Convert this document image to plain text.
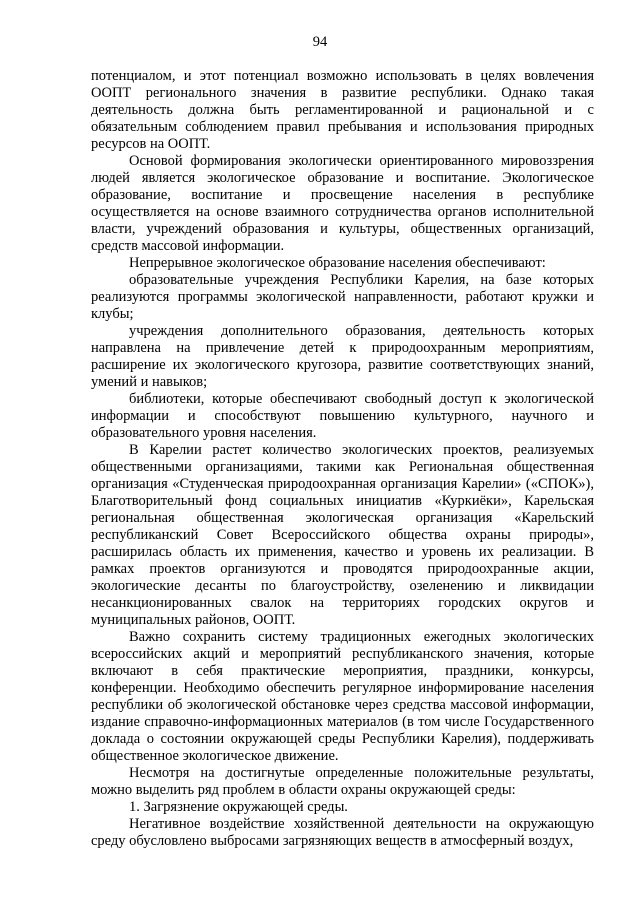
94

потенциалом, и этот потенциал возможно использовать в целях вовлечения ООПТ регионального значения в развитие республики. Однако такая деятельность должна быть регламентированной и рациональной и с обязательным соблюдением правил пребывания и использования природных ресурсов на ООПТ.

Основой формирования экологически ориентированного мировоззрения людей является экологическое образование и воспитание. Экологическое образование, воспитание и просвещение населения в республике осуществляется на основе взаимного сотрудничества органов исполнительной власти, учреждений образования и культуры, общественных организаций, средств массовой информации.

Непрерывное экологическое образование населения обеспечивают:

образовательные учреждения Республики Карелия, на базе которых реализуются программы экологической направленности, работают кружки и клубы;

учреждения дополнительного образования, деятельность которых направлена на привлечение детей к природоохранным мероприятиям, расширение их экологического кругозора, развитие соответствующих знаний, умений и навыков;

библиотеки, которые обеспечивают свободный доступ к экологической информации и способствуют повышению культурного, научного и образовательного уровня населения.

В Карелии растет количество экологических проектов, реализуемых общественными организациями, такими как Региональная общественная организация «Студенческая природоохранная организация Карелии» («СПОК»), Благотворительный фонд социальных инициатив «Куркиёки», Карельская региональная общественная экологическая организация «Карельский республиканский Совет Всероссийского общества охраны природы», расширилась область их применения, качество и уровень их реализации. В рамках проектов организуются и проводятся природоохранные акции, экологические десанты по благоустройству, озеленению и ликвидации несанкционированных свалок на территориях городских округов и муниципальных районов, ООПТ.

Важно сохранить систему традиционных ежегодных экологических всероссийских акций и мероприятий республиканского значения, которые включают в себя практические мероприятия, праздники, конкурсы, конференции. Необходимо обеспечить регулярное информирование населения республики об экологической обстановке через средства массовой информации, издание справочно-информационных материалов (в том числе Государственного доклада о состоянии окружающей среды Республики Карелия), поддерживать общественное экологическое движение.

Несмотря на достигнутые определенные положительные результаты, можно выделить ряд проблем в области охраны окружающей среды:

1. Загрязнение окружающей среды.

Негативное воздействие хозяйственной деятельности на окружающую среду обусловлено выбросами загрязняющих веществ в атмосферный воздух,
